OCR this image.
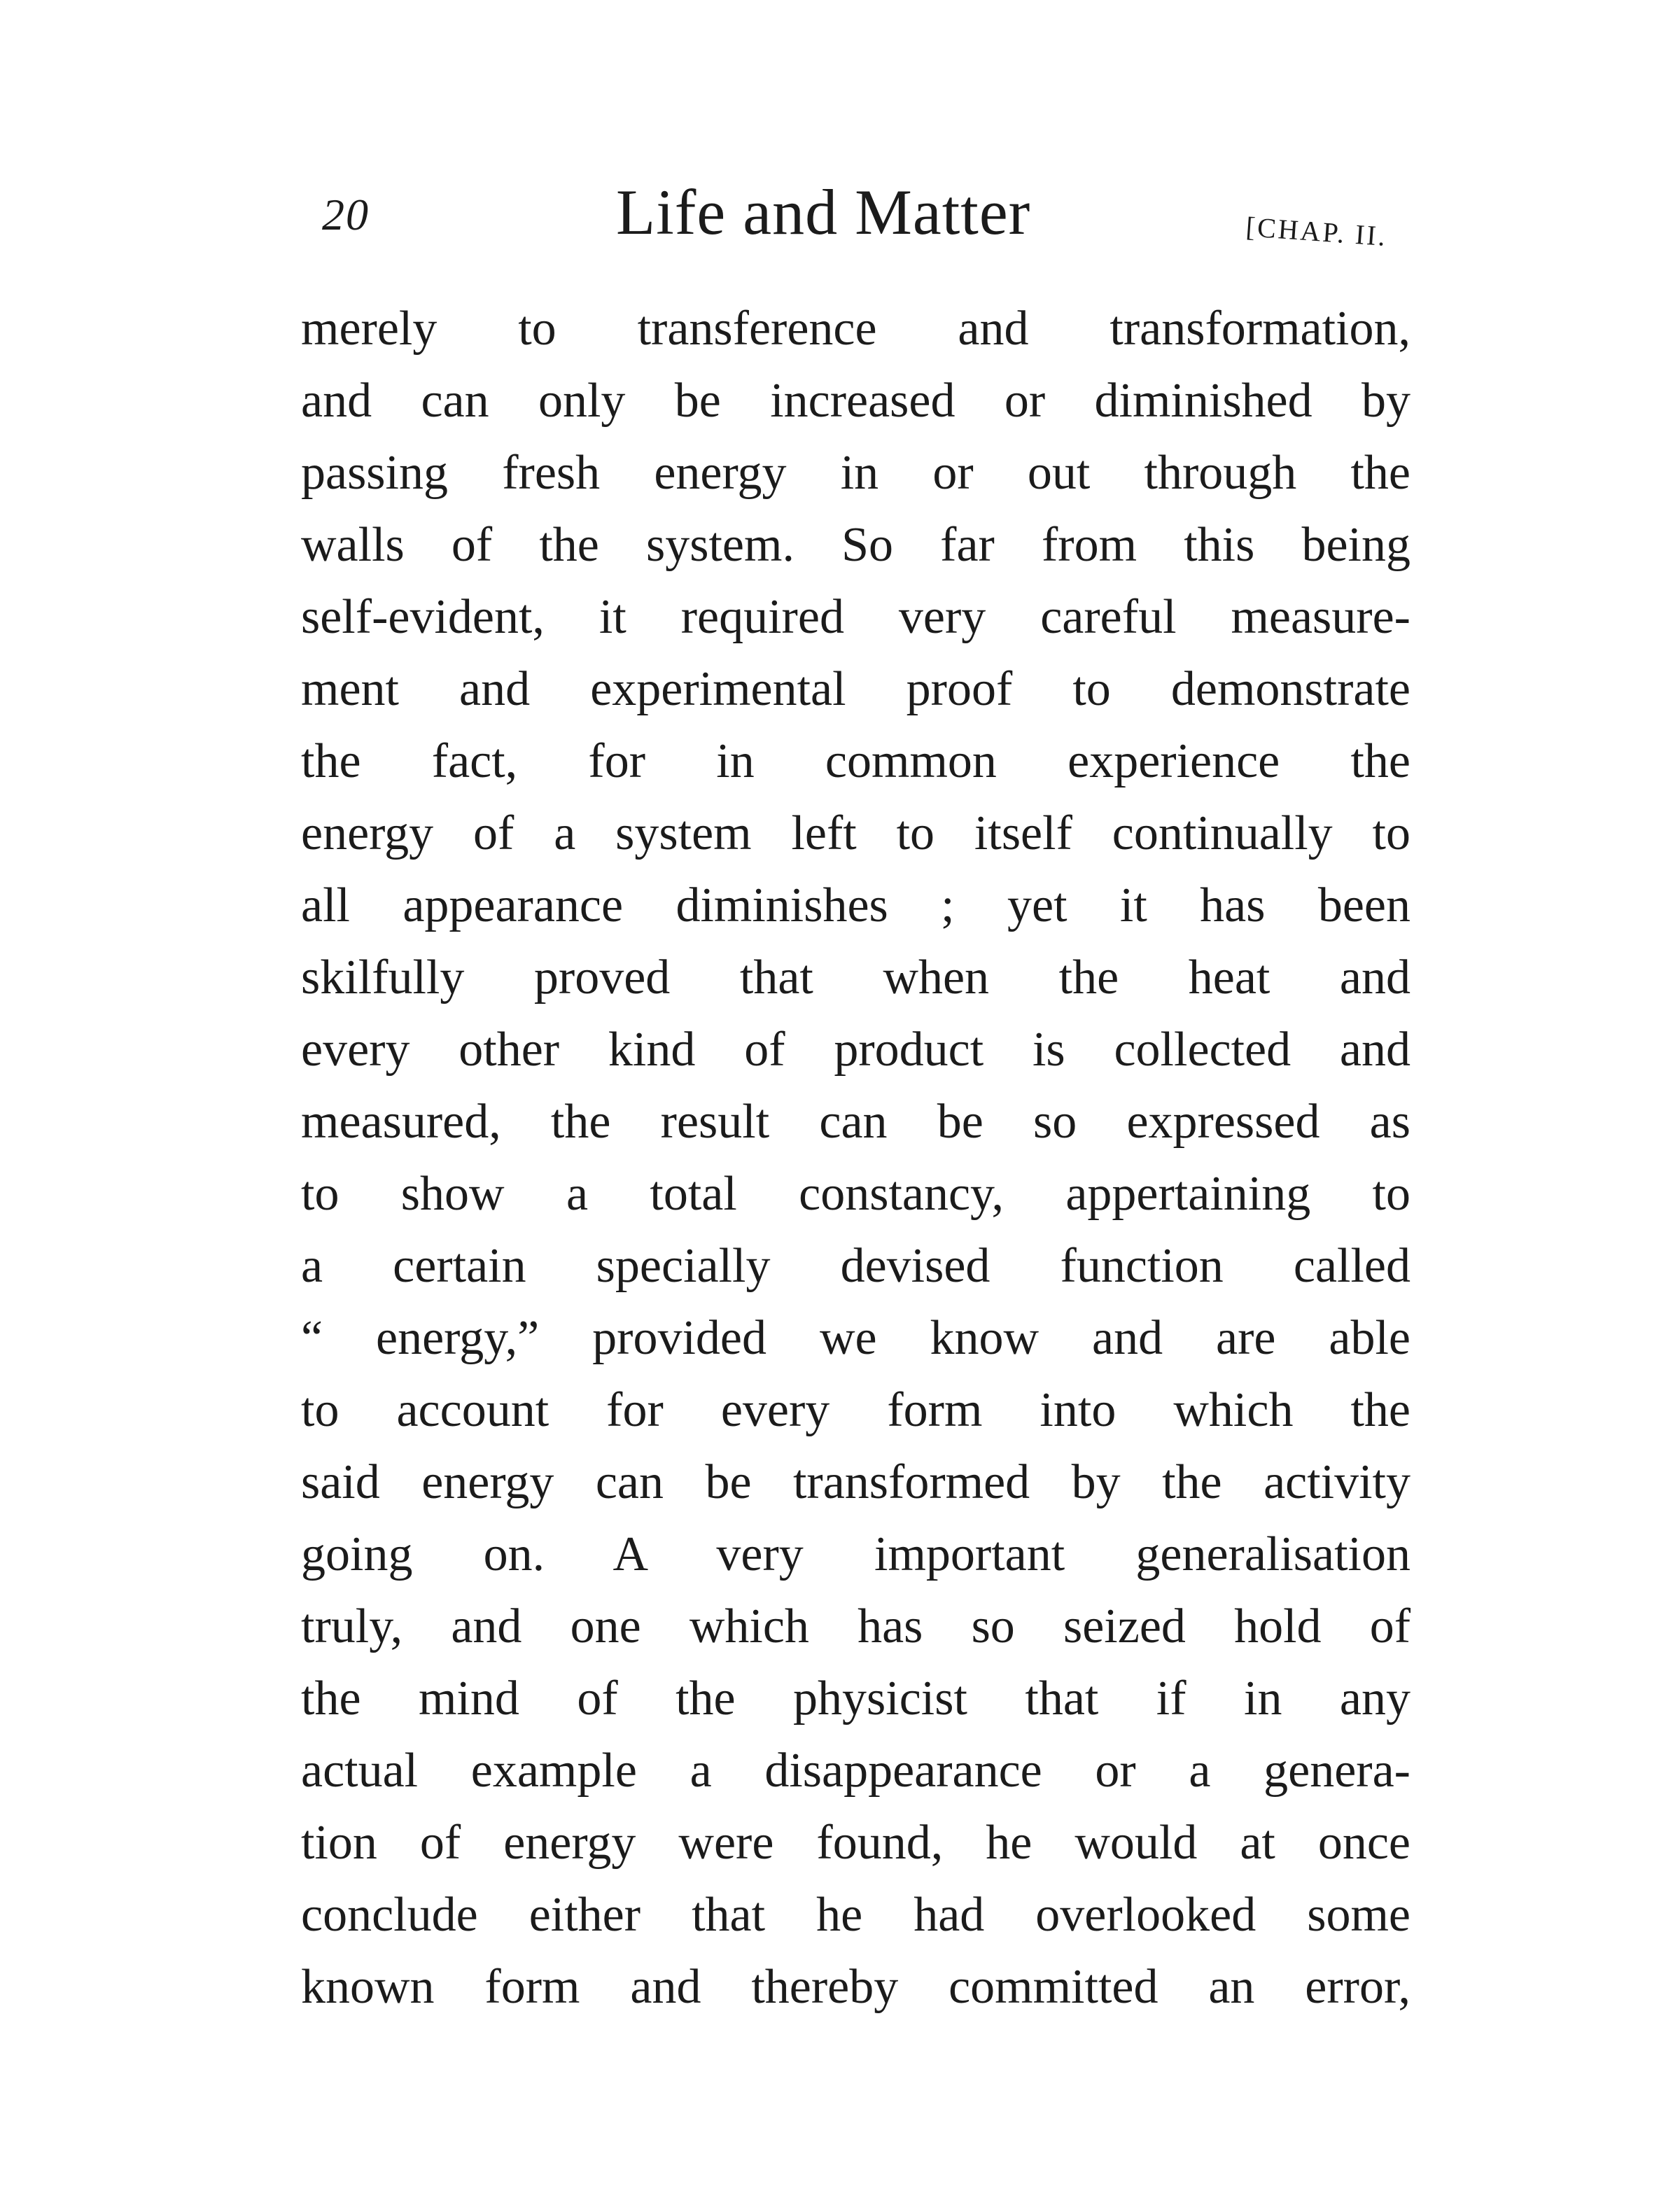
20	Life and Matter	[CHAP. II.
merely to transference and transformation,
and can only be increased or diminished by
passing fresh energy in or out through the
walls of the system. So far from this being
self-evident, it required very careful measure-
ment and experimental proof to demonstrate
the fact, for in common experience the
energy of a system left to itself continually to
all appearance diminishes ; yet it has been
skilfully proved that when the heat and
every other kind of product is collected and
measured, the result can be so expressed as
to show a total constancy, appertaining to
a certain specially devised function called
“ energy,” provided we know and are able
to account for every form into which the
said energy can be transformed by the activity
going on. A very important generalisation
truly, and one which has so seized hold of
the mind of the physicist that if in any
actual example a disappearance or a genera-
tion of energy were found, he would at once
conclude either that he had overlooked some
known form and thereby committed an error,
